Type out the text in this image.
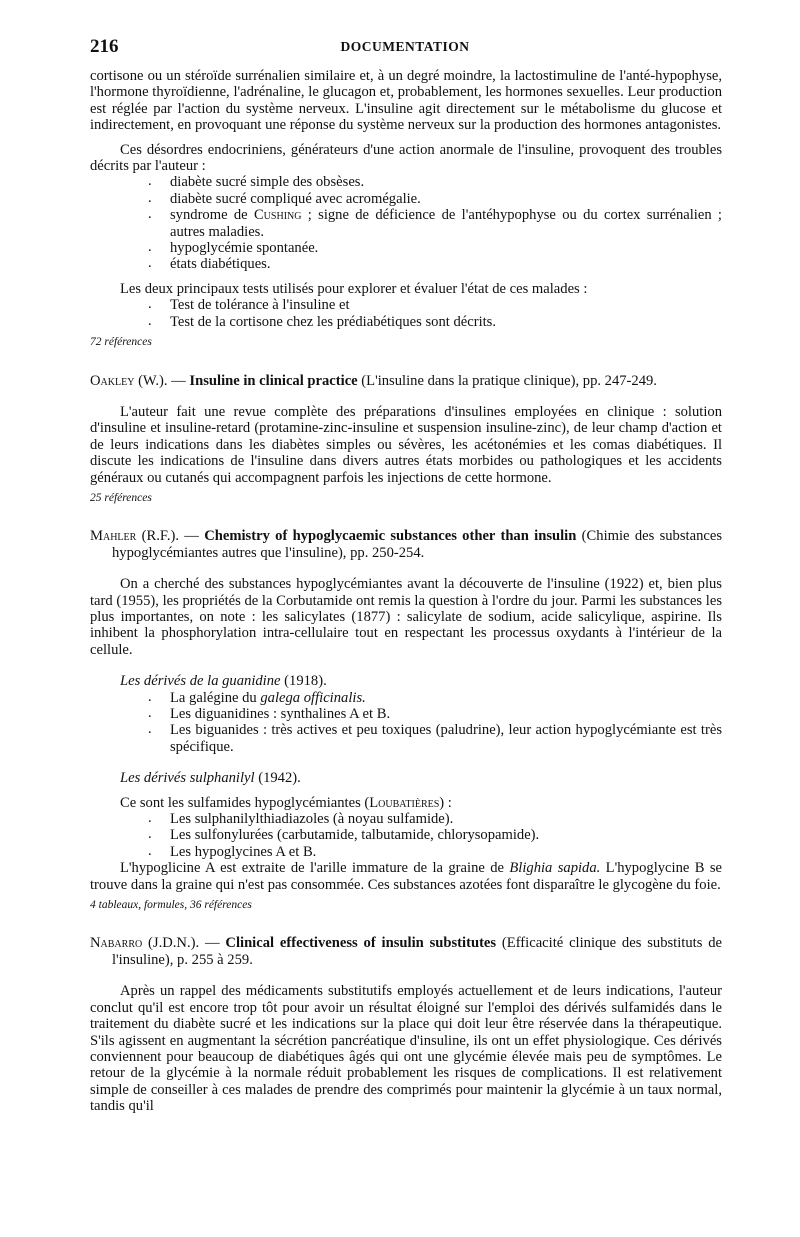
216	DOCUMENTATION

cortisone ou un stéroïde surrénalien similaire et, à un degré moindre, la lactostimuline de l'anté-hypophyse, l'hormone thyroïdienne, l'adrénaline, le glucagon et, probablement, les hormones sexuelles. Leur production est réglée par l'action du système nerveux. L'insuline agit directement sur le métabolisme du glucose et indirectement, en provoquant une réponse du système nerveux sur la production des hormones antagonistes.

Ces désordres endocriniens, générateurs d'une action anormale de l'insuline, provoquent des troubles décrits par l'auteur :

. diabète sucré simple des obsèses.
. diabète sucré compliqué avec acromégalie.
. syndrome de Cushing ; signe de déficience de l'antéhypophyse ou du cortex surrénalien ; autres maladies.
. hypoglycémie spontanée.
. états diabétiques.

Les deux principaux tests utilisés pour explorer et évaluer l'état de ces malades :

. Test de tolérance à l'insuline et
. Test de la cortisone chez les prédiabétiques sont décrits.
72 références

Oakley (W.). — Insuline in clinical practice (L'insuline dans la pratique clinique), pp. 247-249.

L'auteur fait une revue complète des préparations d'insulines employées en clinique : solution d'insuline et insuline-retard (protamine-zinc-insuline et suspension insuline-zinc), de leur champ d'action et de leurs indications dans les diabètes simples ou sévères, les acétonémies et les comas diabétiques. Il discute les indications de l'insuline dans divers autres états morbides ou pathologiques et les accidents généraux ou cutanés qui accompagnent parfois les injections de cette hormone.

25 références

Mahler (R.F.). — Chemistry of hypoglycaemic substances other than insulin (Chimie des substances hypoglycémiantes autres que l'insuline), pp. 250-254.

On a cherché des substances hypoglycémiantes avant la découverte de l'insuline (1922) et, bien plus tard (1955), les propriétés de la Corbutamide ont remis la question à l'ordre du jour. Parmi les substances les plus importantes, on note : les salicylates (1877) : salicylate de sodium, acide salicylique, aspirine. Ils inhibent la phosphorylation intra-cellulaire tout en respectant les processus oxydants à l'intérieur de la cellule.

Les dérivés de la guanidine (1918).

. La galégine du galega officinalis.
. Les diguanidines : synthalines A et B.
. Les biguanides : très actives et peu toxiques (paludrine), leur action hypoglycémiante est très spécifique.

Les dérivés sulphanilyl (1942).

Ce sont les sulfamides hypoglycémiantes (Loubatières) :

. Les sulphanilylthiadiazoles (à noyau sulfamide).
. Les sulfonylurées (carbutamide, talbutamide, chlorysopamide).
. Les hypoglycines A et B.

L'hypoglicine A est extraite de l'arille immature de la graine de Blighia sapida. L'hypoglycine B se trouve dans la graine qui n'est pas consommée. Ces substances azotées font disparaître le glycogène du foie.

4 tableaux, formules, 36 références

Nabarro (J.D.N.). — Clinical effectiveness of insulin substitutes (Efficacité clinique des substituts de l'insuline), p. 255 à 259.

Après un rappel des médicaments substitutifs employés actuellement et de leurs indications, l'auteur conclut qu'il est encore trop tôt pour avoir un résultat éloigné sur l'emploi des dérivés sulfamidés dans le traitement du diabète sucré et les indications sur la place qui doit leur être réservée dans la thérapeutique. S'ils agissent en augmentant la sécrétion pancréatique d'insuline, ils ont un effet physiologique. Ces dérivés conviennent pour beaucoup de diabétiques âgés qui ont une glycémie élevée mais peu de symptômes. Le retour de la glycémie à la normale réduit probablement les risques de complications. Il est relativement simple de conseiller à ces malades de prendre des comprimés pour maintenir la glycémie à un taux normal, tandis qu'il
